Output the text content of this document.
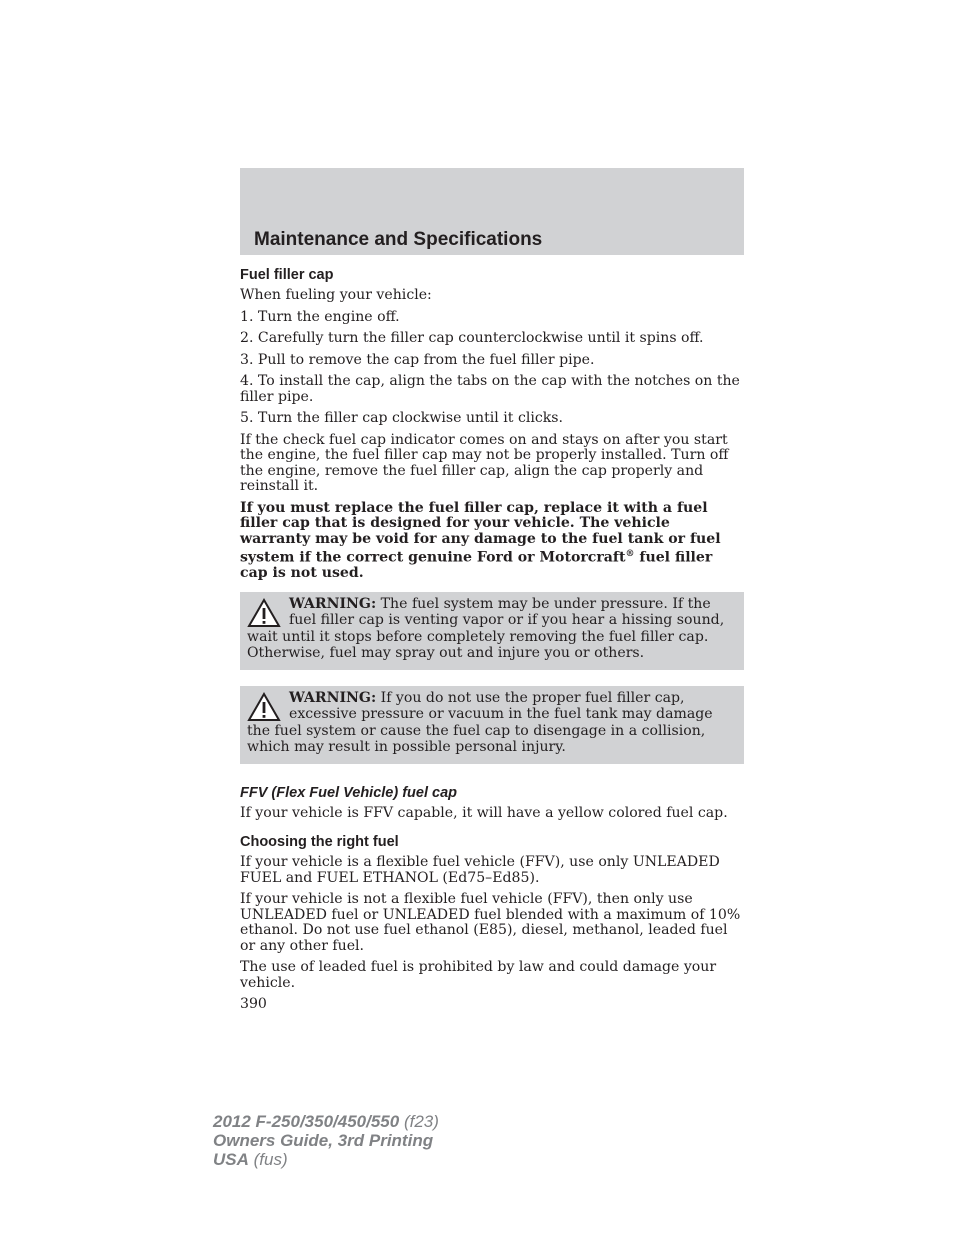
Maintenance and Specifications
Fuel filler cap

When fueling your vehicle:

1. Turn the engine off.

2. Carefully turn the filler cap counterclockwise until it spins off.

3. Pull to remove the cap from the fuel filler pipe.

4. To install the cap, align the tabs on the cap with the notches on the filler pipe.

5. Turn the filler cap clockwise until it clicks.

If the check fuel cap indicator comes on and stays on after you start the engine, the fuel filler cap may not be properly installed. Turn off the engine, remove the fuel filler cap, align the cap properly and reinstall it.

If you must replace the fuel filler cap, replace it with a fuel filler cap that is designed for your vehicle. The vehicle warranty may be void for any damage to the fuel tank or fuel system if the correct genuine Ford or Motorcraft® fuel filler cap is not used.

WARNING: The fuel system may be under pressure. If the fuel filler cap is venting vapor or if you hear a hissing sound, wait until it stops before completely removing the fuel filler cap. Otherwise, fuel may spray out and injure you or others.
WARNING: If you do not use the proper fuel filler cap, excessive pressure or vacuum in the fuel tank may damage the fuel system or cause the fuel cap to disengage in a collision, which may result in possible personal injury.
FFV (Flex Fuel Vehicle) fuel cap

If your vehicle is FFV capable, it will have a yellow colored fuel cap.

Choosing the right fuel

If your vehicle is a flexible fuel vehicle (FFV), use only UNLEADED FUEL and FUEL ETHANOL (Ed75–Ed85).

If your vehicle is not a flexible fuel vehicle (FFV), then only use UNLEADED fuel or UNLEADED fuel blended with a maximum of 10% ethanol. Do not use fuel ethanol (E85), diesel, methanol, leaded fuel or any other fuel.

The use of leaded fuel is prohibited by law and could damage your vehicle.

390

2012 F-250/350/450/550 (f23)
Owners Guide, 3rd Printing
USA (fus)
